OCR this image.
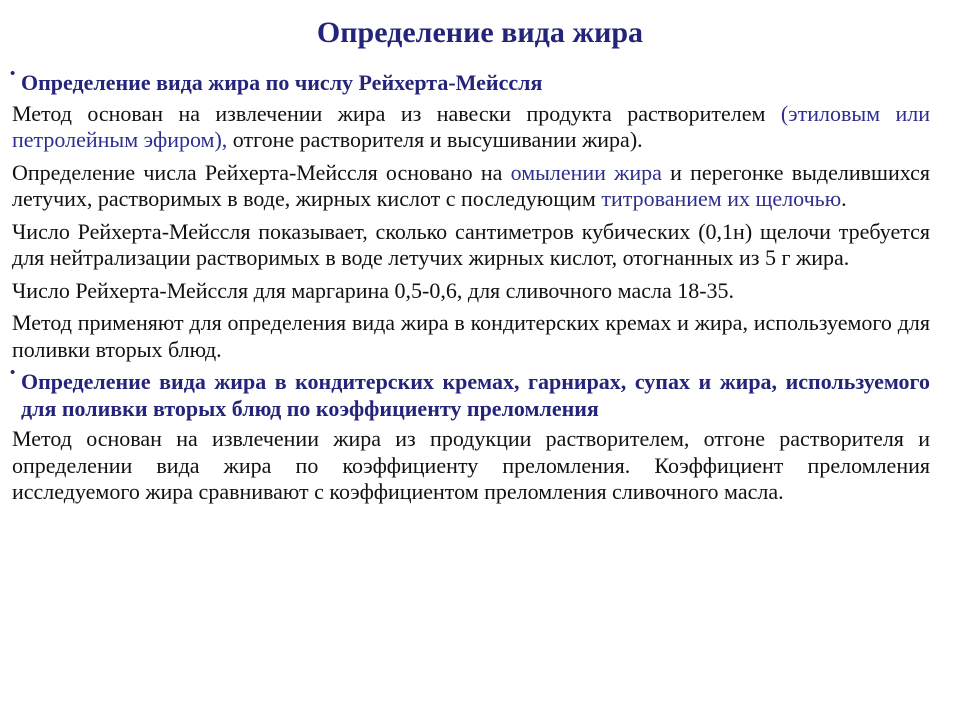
Определение вида жира
• Определение вида жира по числу Рейхерта-Мейссля

Метод основан на извлечении жира из навески продукта растворителем (этиловым или петролейным эфиром), отгоне растворителя и высушивании жира).

Определение числа Рейхерта-Мейссля основано на омылении жира и перегонке выделившихся летучих, растворимых в воде, жирных кислот с последующим титрованием их щелочью.

Число Рейхерта-Мейссля показывает, сколько сантиметров кубических (0,1н) щелочи требуется для нейтрализации растворимых в воде летучих жирных кислот, отогнанных из 5 г жира.

Число Рейхерта-Мейссля для маргарина 0,5-0,6, для сливочного масла 18-35.

Метод применяют для определения вида жира в кондитерских кремах и жира, используемого для поливки вторых блюд.

• Определение вида жира в кондитерских кремах, гарнирах, супах и жира, используемого для поливки вторых блюд по коэффициенту преломления

Метод основан на извлечении жира из продукции растворителем, отгоне растворителя и определении вида жира по коэффициенту преломления. Коэффициент преломления исследуемого жира сравнивают с коэффициентом преломления сливочного масла.
